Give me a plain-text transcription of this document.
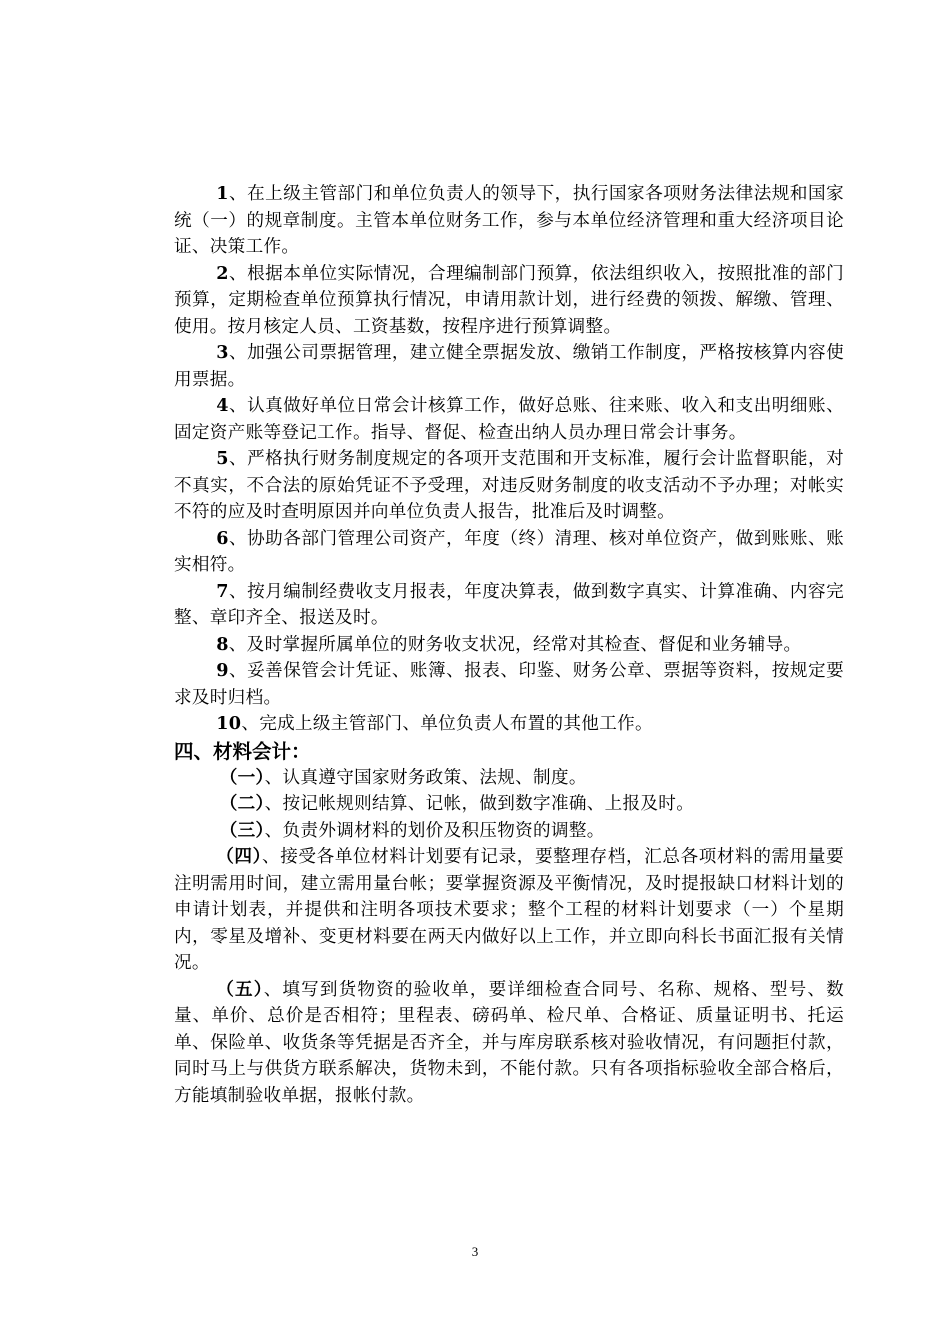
1、在上级主管部门和单位负责人的领导下，执行国家各项财务法律法规和国家统（一）的规章制度。主管本单位财务工作，参与本单位经济管理和重大经济项目论证、决策工作。

2、根据本单位实际情况，合理编制部门预算，依法组织收入，按照批准的部门预算，定期检查单位预算执行情况，申请用款计划，进行经费的领拨、解缴、管理、使用。按月核定人员、工资基数，按程序进行预算调整。

3、加强公司票据管理，建立健全票据发放、缴销工作制度，严格按核算内容使用票据。

4、认真做好单位日常会计核算工作，做好总账、往来账、收入和支出明细账、固定资产账等登记工作。指导、督促、检查出纳人员办理日常会计事务。

5、严格执行财务制度规定的各项开支范围和开支标准，履行会计监督职能，对不真实，不合法的原始凭证不予受理，对违反财务制度的收支活动不予办理；对帐实不符的应及时查明原因并向单位负责人报告，批准后及时调整。

6、协助各部门管理公司资产，年度（终）清理、核对单位资产，做到账账、账实相符。

7、按月编制经费收支月报表，年度决算表，做到数字真实、计算准确、内容完整、章印齐全、报送及时。

8、及时掌握所属单位的财务收支状况，经常对其检查、督促和业务辅导。

9、妥善保管会计凭证、账簿、报表、印鉴、财务公章、票据等资料，按规定要求及时归档。

10、完成上级主管部门、单位负责人布置的其他工作。

四、材料会计：

（一）、认真遵守国家财务政策、法规、制度。

（二）、按记帐规则结算、记帐，做到数字准确、上报及时。

（三）、负责外调材料的划价及积压物资的调整。

（四）、接受各单位材料计划要有记录，要整理存档，汇总各项材料的需用量要注明需用时间，建立需用量台帐；要掌握资源及平衡情况，及时提报缺口材料计划的申请计划表，并提供和注明各项技术要求；整个工程的材料计划要求（一）个星期内，零星及增补、变更材料要在两天内做好以上工作，并立即向科长书面汇报有关情况。

（五）、填写到货物资的验收单，要详细检查合同号、名称、规格、型号、数量、单价、总价是否相符；里程表、磅码单、检尺单、合格证、质量证明书、托运单、保险单、收货条等凭据是否齐全，并与库房联系核对验收情况，有问题拒付款，同时马上与供货方联系解决，货物未到，不能付款。只有各项指标验收全部合格后，方能填制验收单据，报帐付款。

3
